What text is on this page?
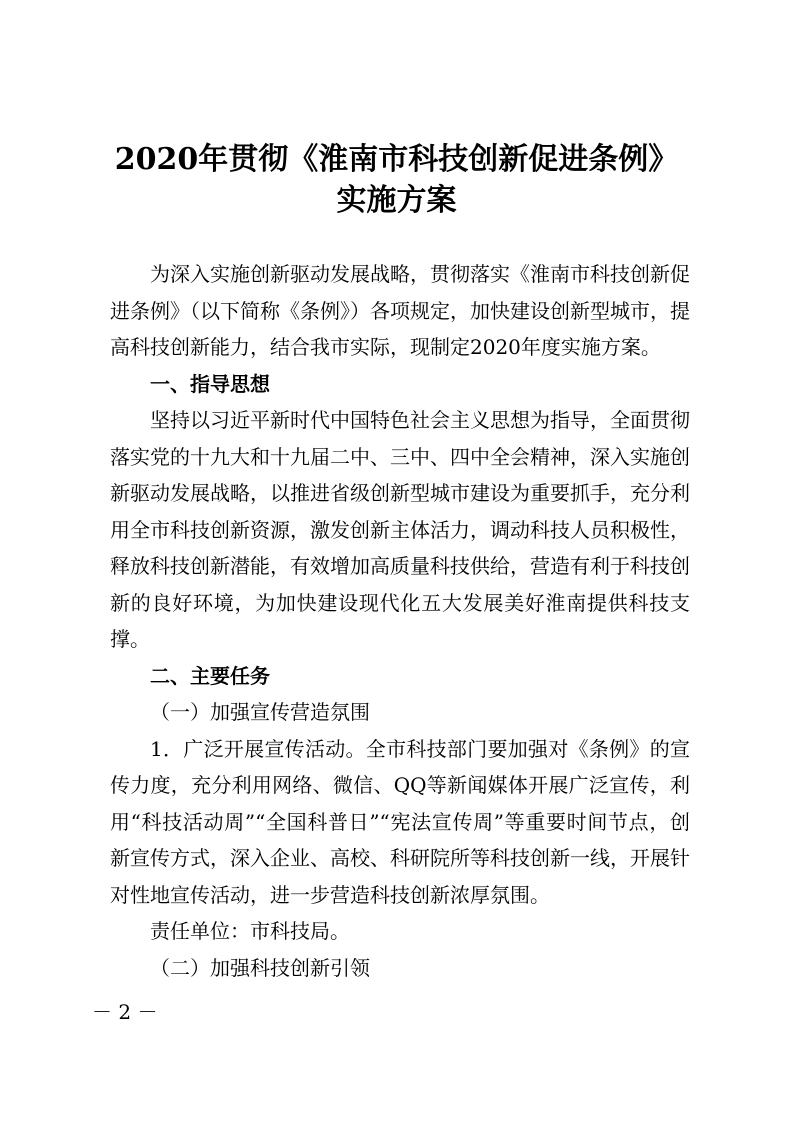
2020年贯彻《淮南市科技创新促进条例》
实施方案

为深入实施创新驱动发展战略，贯彻落实《淮南市科技创新促进条例》（以下简称《条例》）各项规定，加快建设创新型城市，提高科技创新能力，结合我市实际，现制定2020年度实施方案。

一、指导思想

坚持以习近平新时代中国特色社会主义思想为指导，全面贯彻落实党的十九大和十九届二中、三中、四中全会精神，深入实施创新驱动发展战略，以推进省级创新型城市建设为重要抓手，充分利用全市科技创新资源，激发创新主体活力，调动科技人员积极性，释放科技创新潜能，有效增加高质量科技供给，营造有利于科技创新的良好环境，为加快建设现代化五大发展美好淮南提供科技支撑。

二、主要任务

（一）加强宣传营造氛围

1．广泛开展宣传活动。全市科技部门要加强对《条例》的宣传力度，充分利用网络、微信、QQ等新闻媒体开展广泛宣传，利用“科技活动周”“全国科普日”“宪法宣传周”等重要时间节点，创新宣传方式，深入企业、高校、科研院所等科技创新一线，开展针对性地宣传活动，进一步营造科技创新浓厚氛围。

责任单位：市科技局。

（二）加强科技创新引领

－ 2 －
